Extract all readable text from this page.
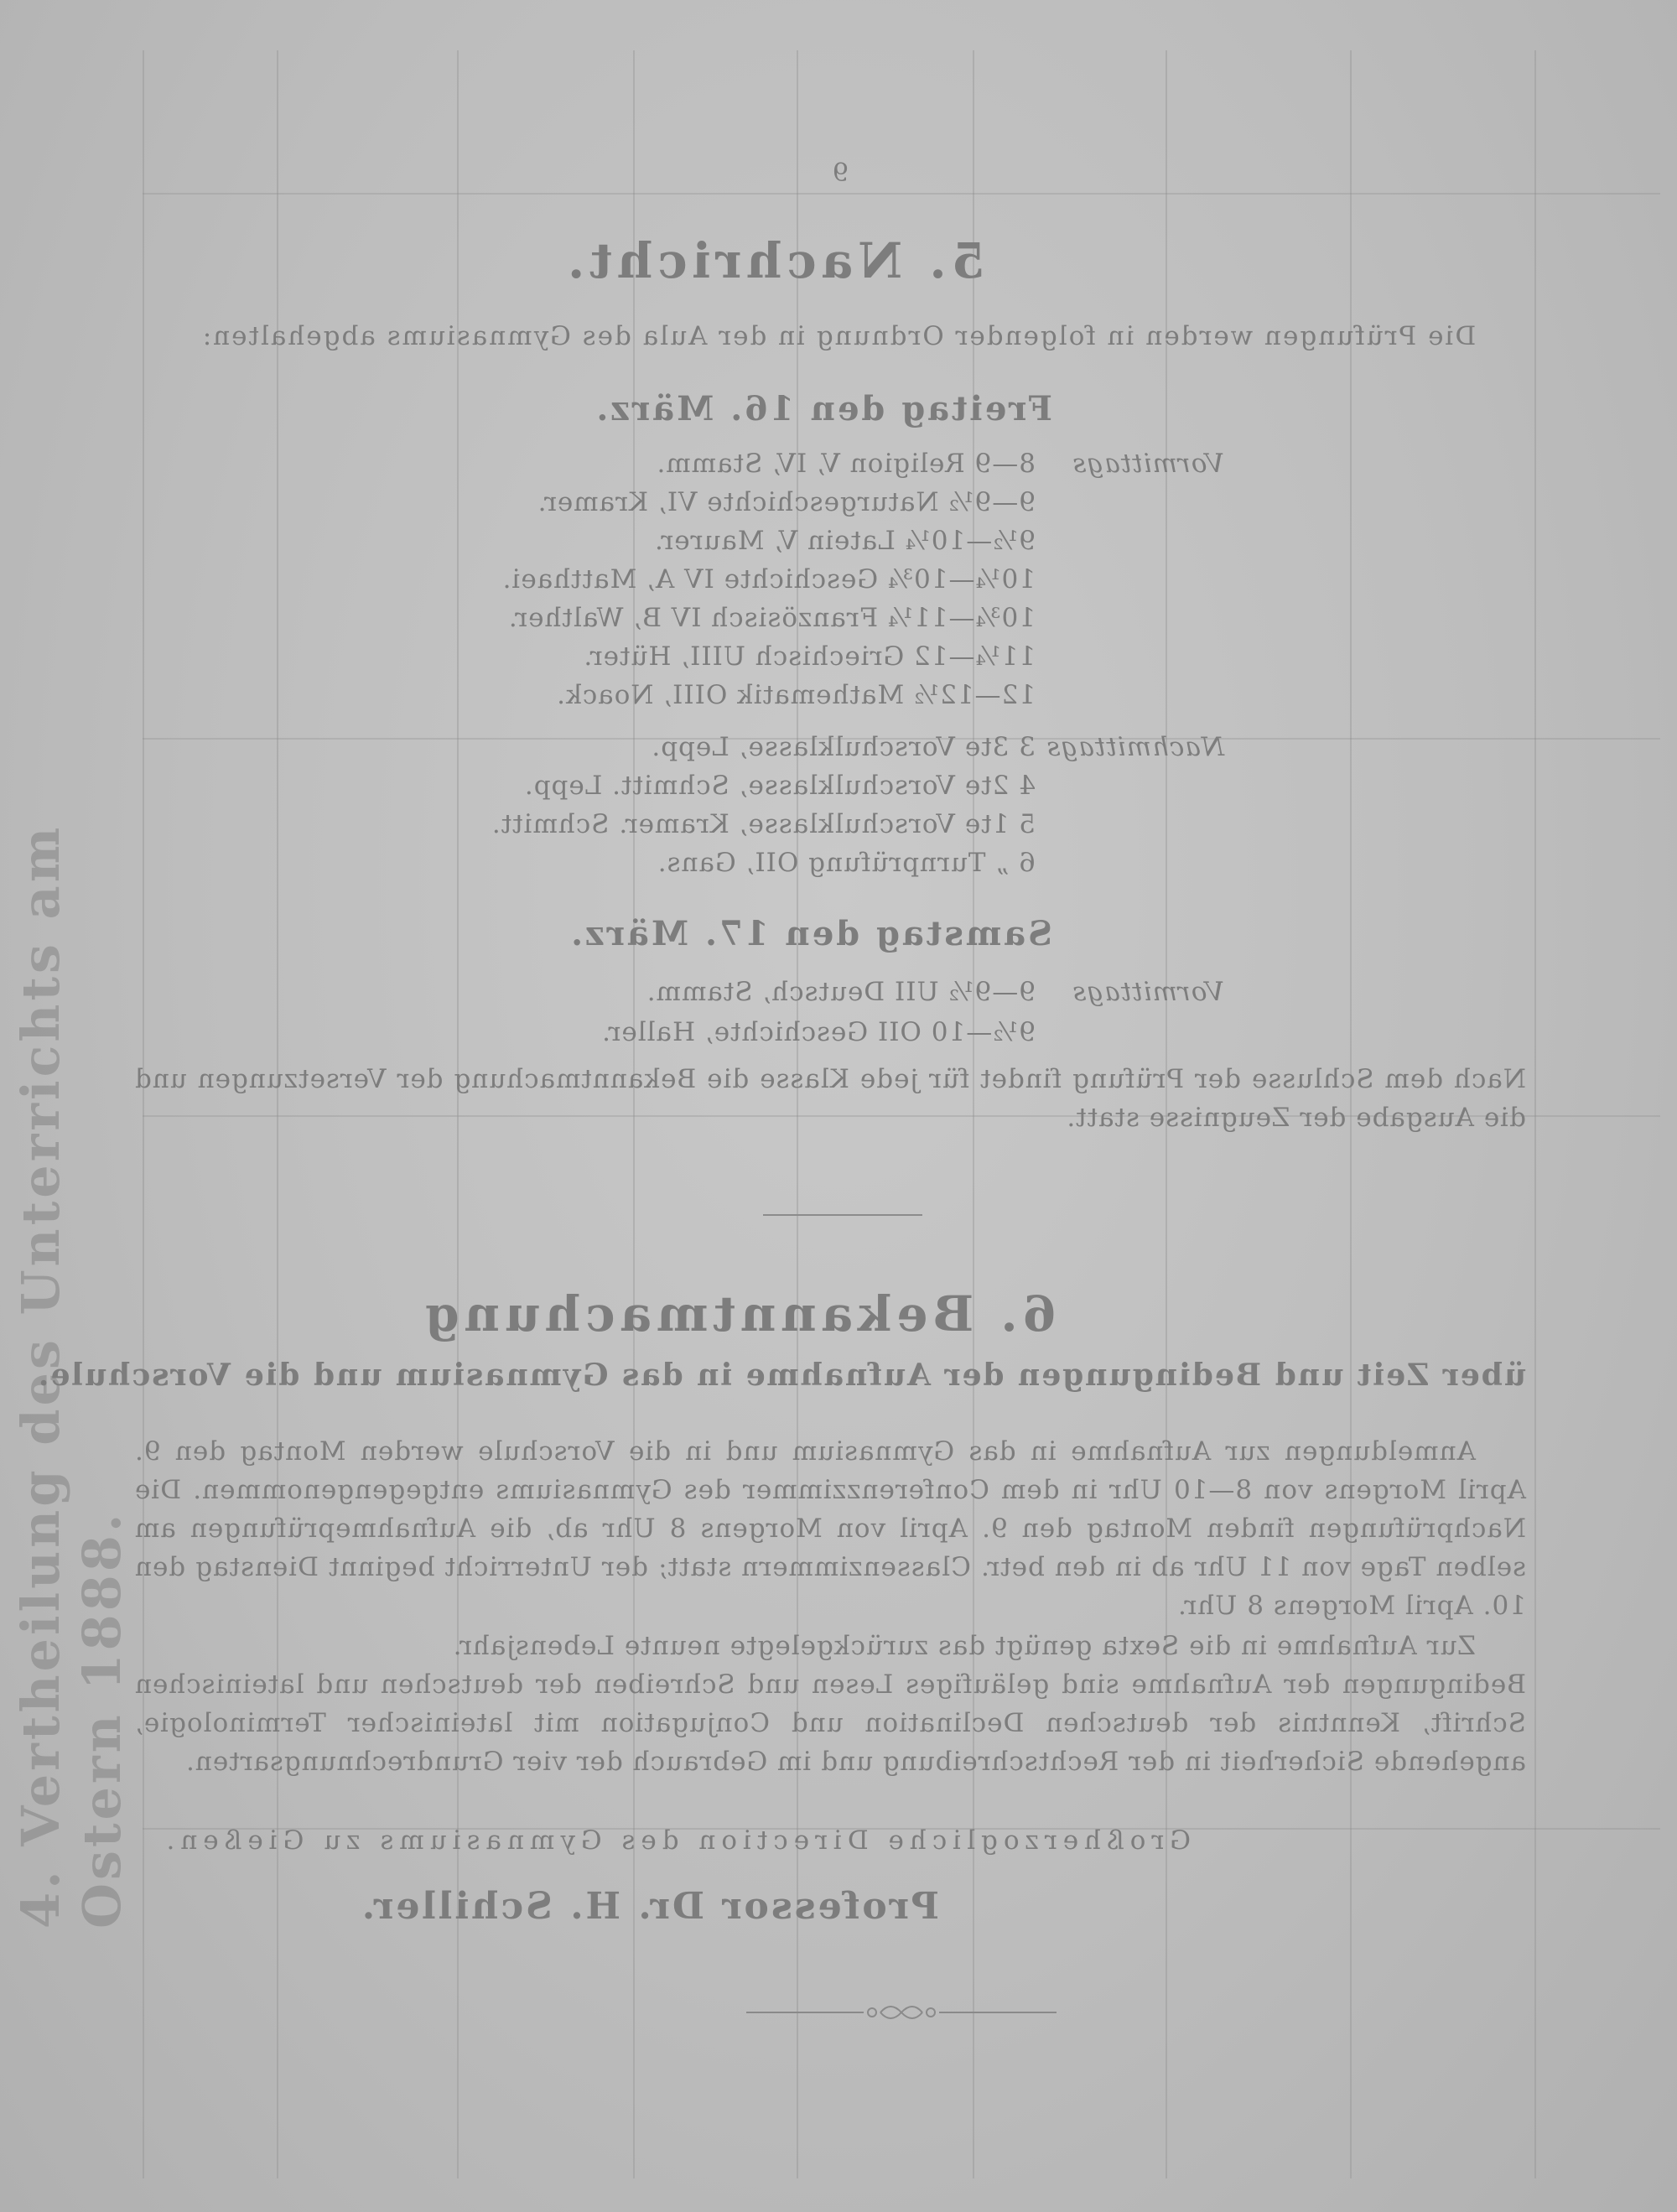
4. Vertheilung des Unterrichts am Ostern 1888.
9
5. Nachricht.
Die Prüfungen werden in folgender Ordnung in der Aula des Gymnasiums abgehalten:
Freitag den 16. März.
Vormittags
8—9 Religion V, IV, Stamm.
9—9½ Naturgeschichte VI, Kramer.
9½—10¼ Latein V, Maurer.
10¼—10¾ Geschichte IV A, Matthaei.
10¾—11¼ Französisch IV B, Walther.
11¼—12 Griechisch UIII, Hüter.
12—12½ Mathematik OIII, Noack.
Nachmittags
3 3te Vorschulklasse, Lepp.
4 2te Vorschulklasse, Schmitt. Lepp.
5 1te Vorschulklasse, Kramer. Schmitt.
6 „ Turnprüfung OII, Gans.
Samstag den 17. März.
Vormittags
9—9½ UII Deutsch, Stamm.
9½—10 OII Geschichte, Haller.
Nach dem Schlusse der Prüfung findet für jede Klasse die Bekanntmachung der Versetzungen und die Ausgabe der Zeugnisse statt.
6. Bekanntmachung
über Zeit und Bedingungen der Aufnahme in das Gymnasium und die Vorschule.
Anmeldungen zur Aufnahme in das Gymnasium und in die Vorschule werden Montag den 9. April Morgens von 8—10 Uhr in dem Conferenzzimmer des Gymnasiums entgegengenommen. Die Nachprüfungen finden Montag den 9. April von Morgens 8 Uhr ab, die Aufnahmeprüfungen am selben Tage von 11 Uhr ab in den betr. Classenzimmern statt; der Unterricht beginnt Dienstag den 10. April Morgens 8 Uhr.
Zur Aufnahme in die Sexta genügt das zurückgelegte neunte Lebensjahr.
Bedingungen der Aufnahme sind geläufiges Lesen und Schreiben der deutschen und lateinischen Schrift, Kenntnis der deutschen Declination und Conjugation mit lateinischer Terminologie, angehende Sicherheit in der Rechtschreibung und im Gebrauch der vier Grundrechnungsarten.
Großherzogliche Direction des Gymnasiums zu Gießen.
Professor Dr. H. Schiller.
